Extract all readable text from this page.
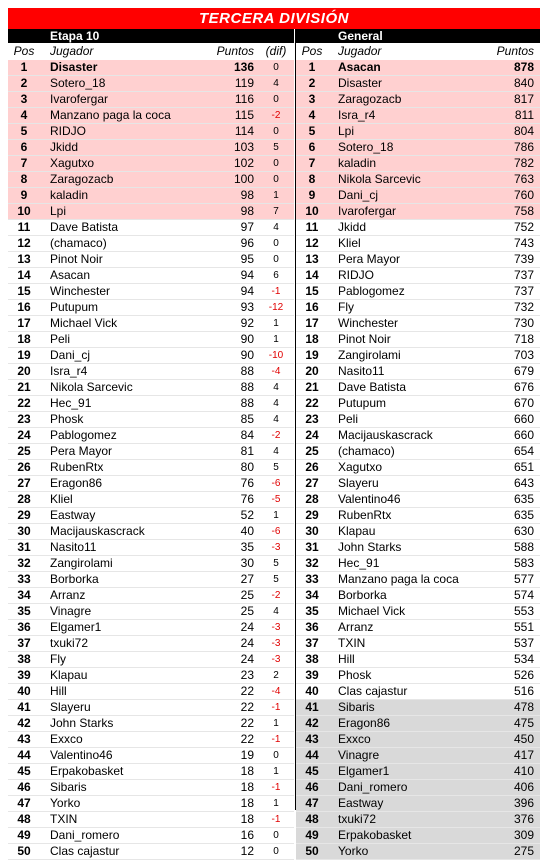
TERCERA DIVISIÓN
Etapa 10	General
Pos	Jugador	Puntos (dif)	Pos	Jugador	Puntos
1	Disaster	136	0
2	Sotero_18	119	4
3	Ivarofergar	116	0
4	Manzano paga la coca	115	-2
5	RIDJO	114	0
6	Jkidd	103	5
7	Xagutxo	102	0
8	Zaragozacb	100	0
9	kaladin	98	1
10	Lpi	98	7
11	Dave Batista	97	4
12	(chamaco)	96	0
13	Pinot Noir	95	0
14	Asacan	94	6
15	Winchester	94	-1
16	Putupum	93	-12
17	Michael Vick	92	1
18	Peli	90	1
19	Dani_cj	90	-10
20	Isra_r4	88	-4
21	Nikola Sarcevic	88	4
22	Hec_91	88	4
23	Phosk	85	4
24	Pablogomez	84	-2
25	Pera Mayor	81	4
26	RubenRtx	80	5
27	Eragon86	76	-6
28	Kliel	76	-5
29	Eastway	52	1
30	Macijauskascrack	40	-6
31	Nasito11	35	-3
32	Zangirolami	30	5
33	Borborka	27	5
34	Arranz	25	-2
35	Vinagre	25	4
36	Elgamer1	24	-3
37	txuki72	24	-3
38	Fly	24	-3
39	Klapau	23	2
40	Hill	22	-4
41	Slayeru	22	-1
42	John Starks	22	1
43	Exxco	22	-1
44	Valentino46	19	0
45	Erpakobasket	18	1
46	Sibaris	18	-1
47	Yorko	18	1
48	TXIN	18	-1
49	Dani_romero	16	0
50	Clas cajastur	12	0
1	Asacan	878
2	Disaster	840
3	Zaragozacb	817
4	Isra_r4	811
5	Lpi	804
6	Sotero_18	786
7	kaladin	782
8	Nikola Sarcevic	763
9	Dani_cj	760
10	Ivarofergar	758
11	Jkidd	752
12	Kliel	743
13	Pera Mayor	739
14	RIDJO	737
15	Pablogomez	737
16	Fly	732
17	Winchester	730
18	Pinot Noir	718
19	Zangirolami	703
20	Nasito11	679
21	Dave Batista	676
22	Putupum	670
23	Peli	660
24	Macijauskascrack	660
25	(chamaco)	654
26	Xagutxo	651
27	Slayeru	643
28	Valentino46	635
29	RubenRtx	635
30	Klapau	630
31	John Starks	588
32	Hec_91	583
33	Manzano paga la coca	577
34	Borborka	574
35	Michael Vick	553
36	Arranz	551
37	TXIN	537
38	Hill	534
39	Phosk	526
40	Clas cajastur	516
41	Sibaris	478
42	Eragon86	475
43	Exxco	450
44	Vinagre	417
45	Elgamer1	410
46	Dani_romero	406
47	Eastway	396
48	txuki72	376
49	Erpakobasket	309
50	Yorko	275
